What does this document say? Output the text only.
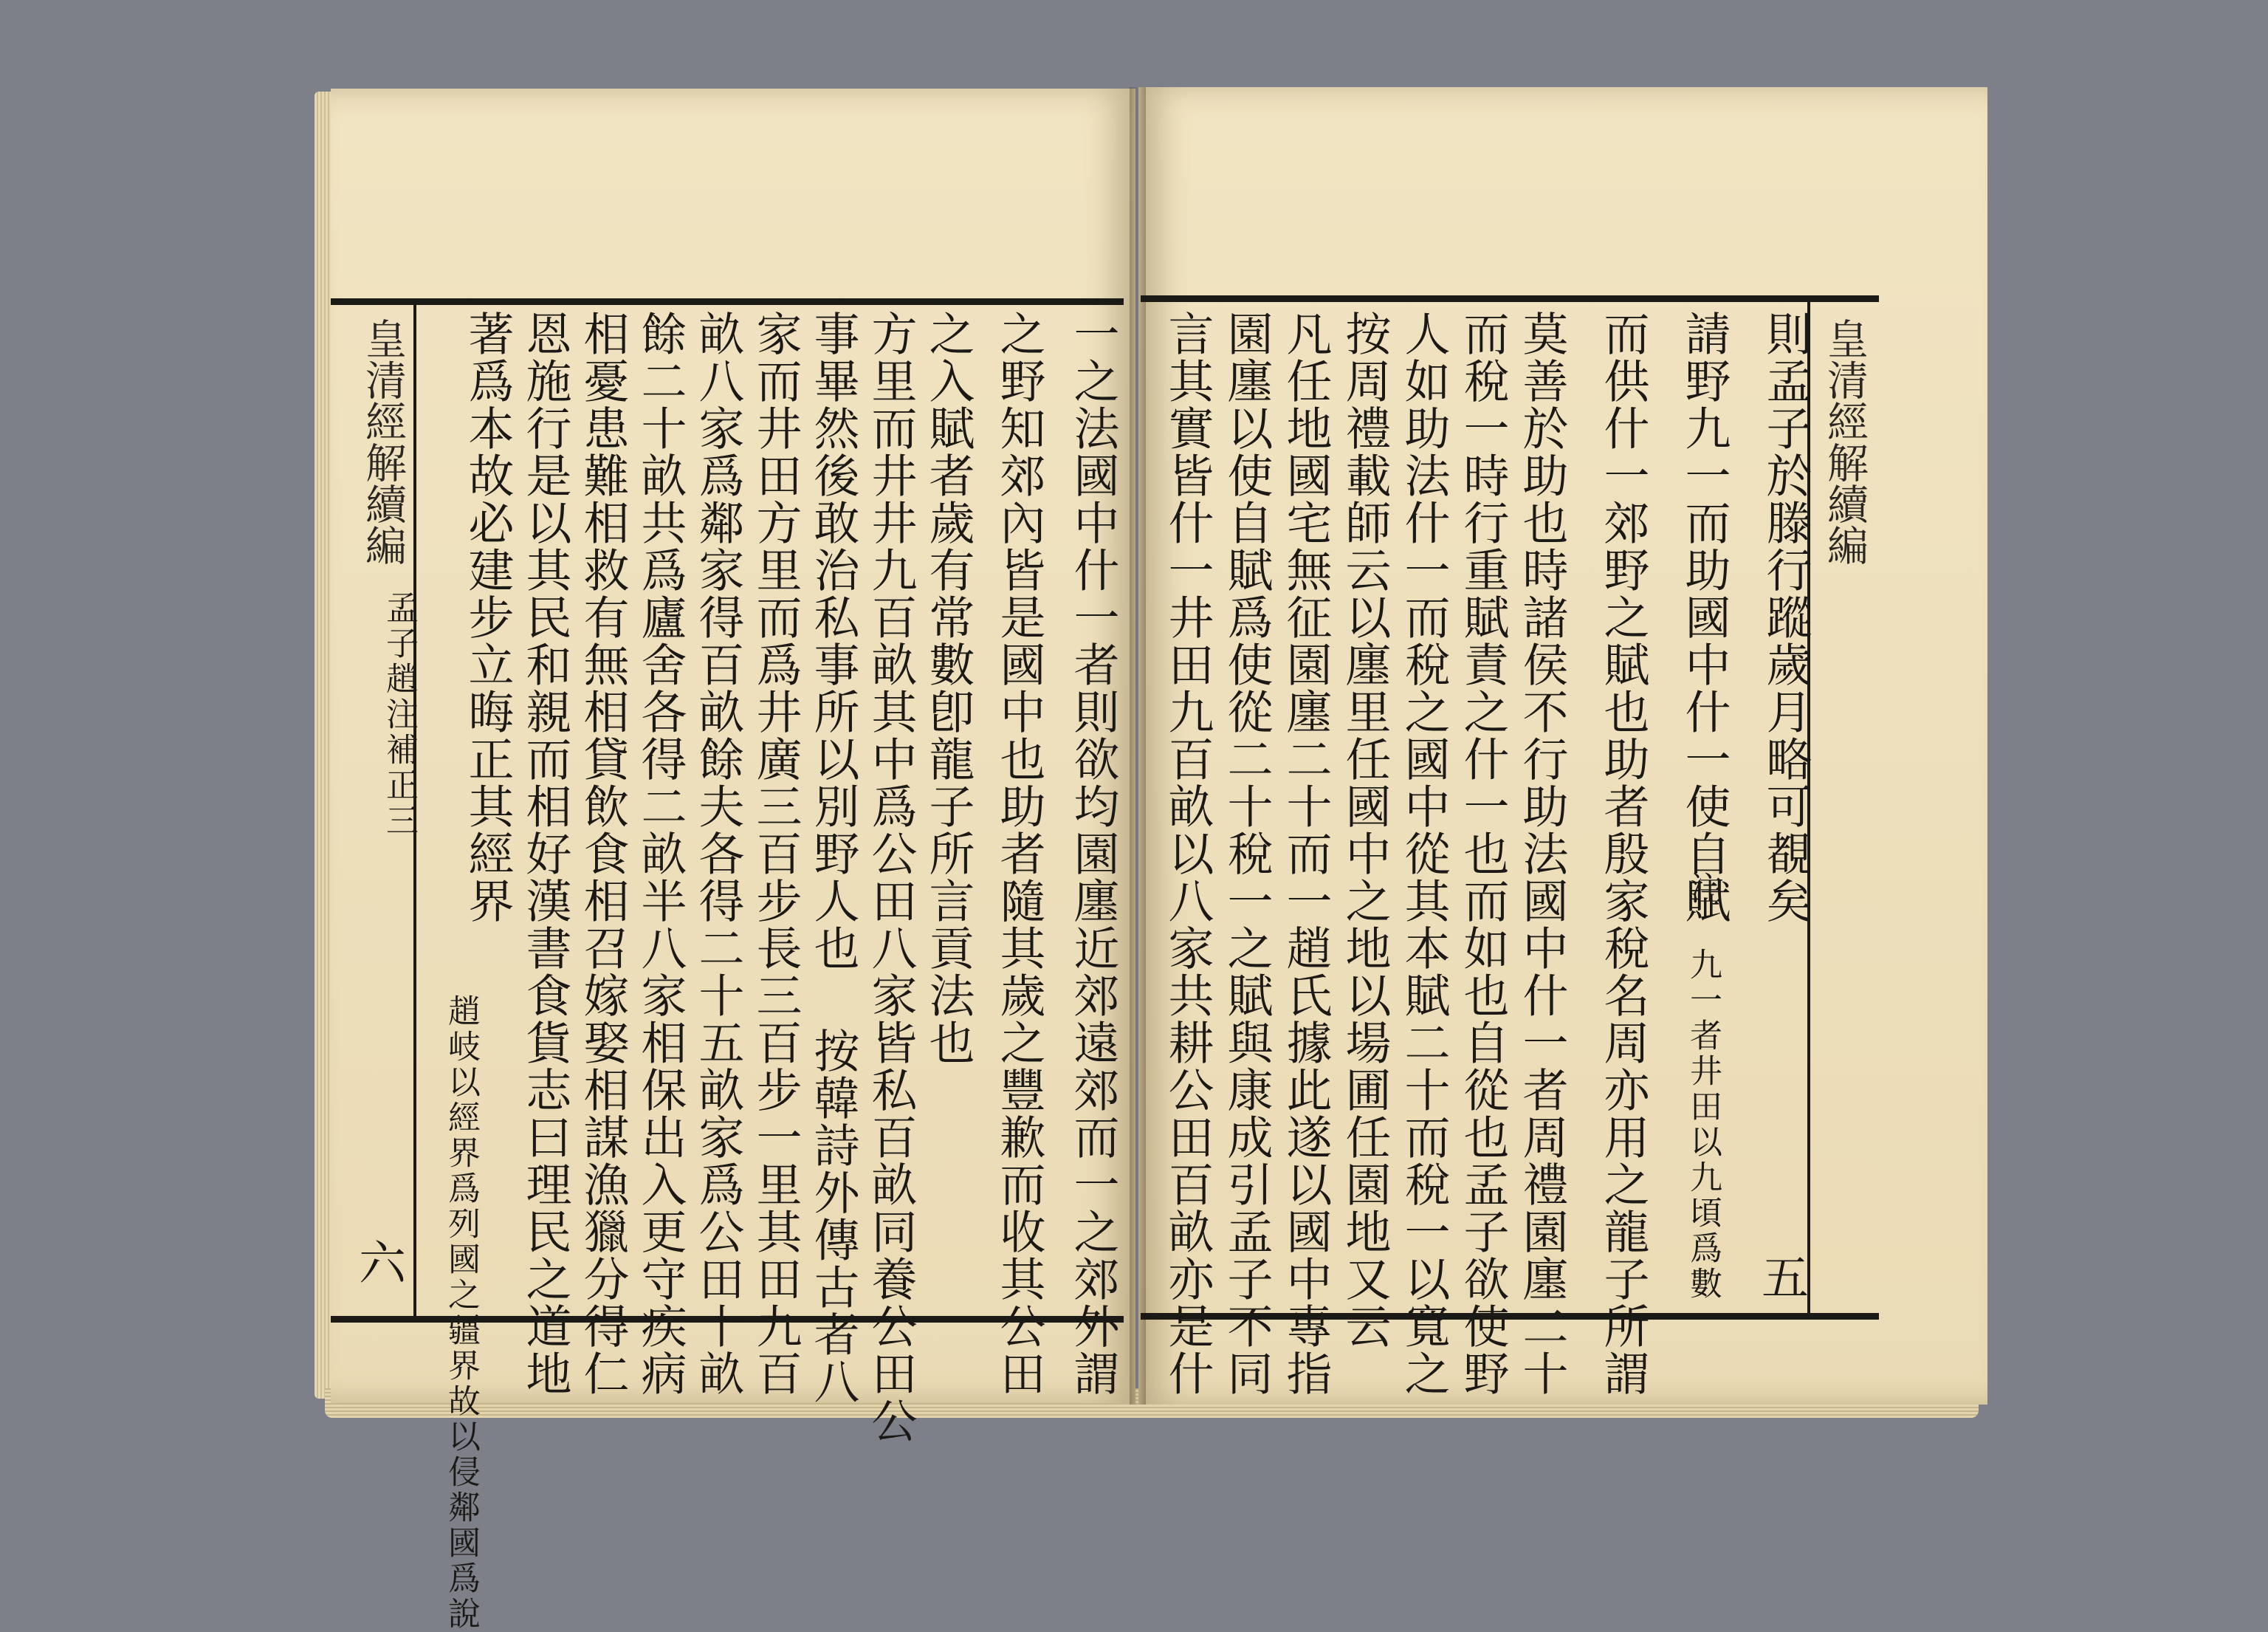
皇清經解續編
五
則孟子於滕行蹤歲月略可覩矣
請野九一而助國中什一使自賦
注 九一者井田以九頃爲數
而供什一郊野之賦也助者殷家稅名周亦用之龍子所謂
莫善於助也時諸侯不行助法國中什一者周禮園廛二十
而稅一時行重賦責之什一也而如也自從也孟子欲使野
人如助法什一而稅之國中從其本賦二十而稅一以寬之
按周禮載師云以廛里任國中之地以場圃任園地又云
凡任地國宅無征園廛二十而一趙氏據此遂以國中專指
園廛以使自賦爲使從二十稅一之賦與康成引孟子不同
言其實皆什一井田九百畝以八家共耕公田百畝亦是什
皇清經解續編
孟子趙注補正三
六	一之法國中什一者則欲均園廛近郊遠郊而一之郊外謂
之野知郊內皆是國中也助者隨其歲之豐歉而收其公田
之入賦者歲有常數卽龍子所言貢法也
方里而井井九百畝其中爲公田八家皆私百畝同養公田公
事畢然後敢治私事所以別野人也 按韓詩外傳古者八
家而井田方里而爲井廣三百步長三百步一里其田九百
畝八家爲鄰家得百畝餘夫各得二十五畝家爲公田十畝
餘二十畝共爲廬舍各得二畝半八家相保出入更守疾病
相憂患難相救有無相貸飲食相召嫁娶相謀漁獵分得仁
恩施行是以其民和親而相好漢書食貨志曰理民之道地
著爲本故必建步立晦正其經界
趙岐以經界爲列國之疆界故以侵鄰國爲說
